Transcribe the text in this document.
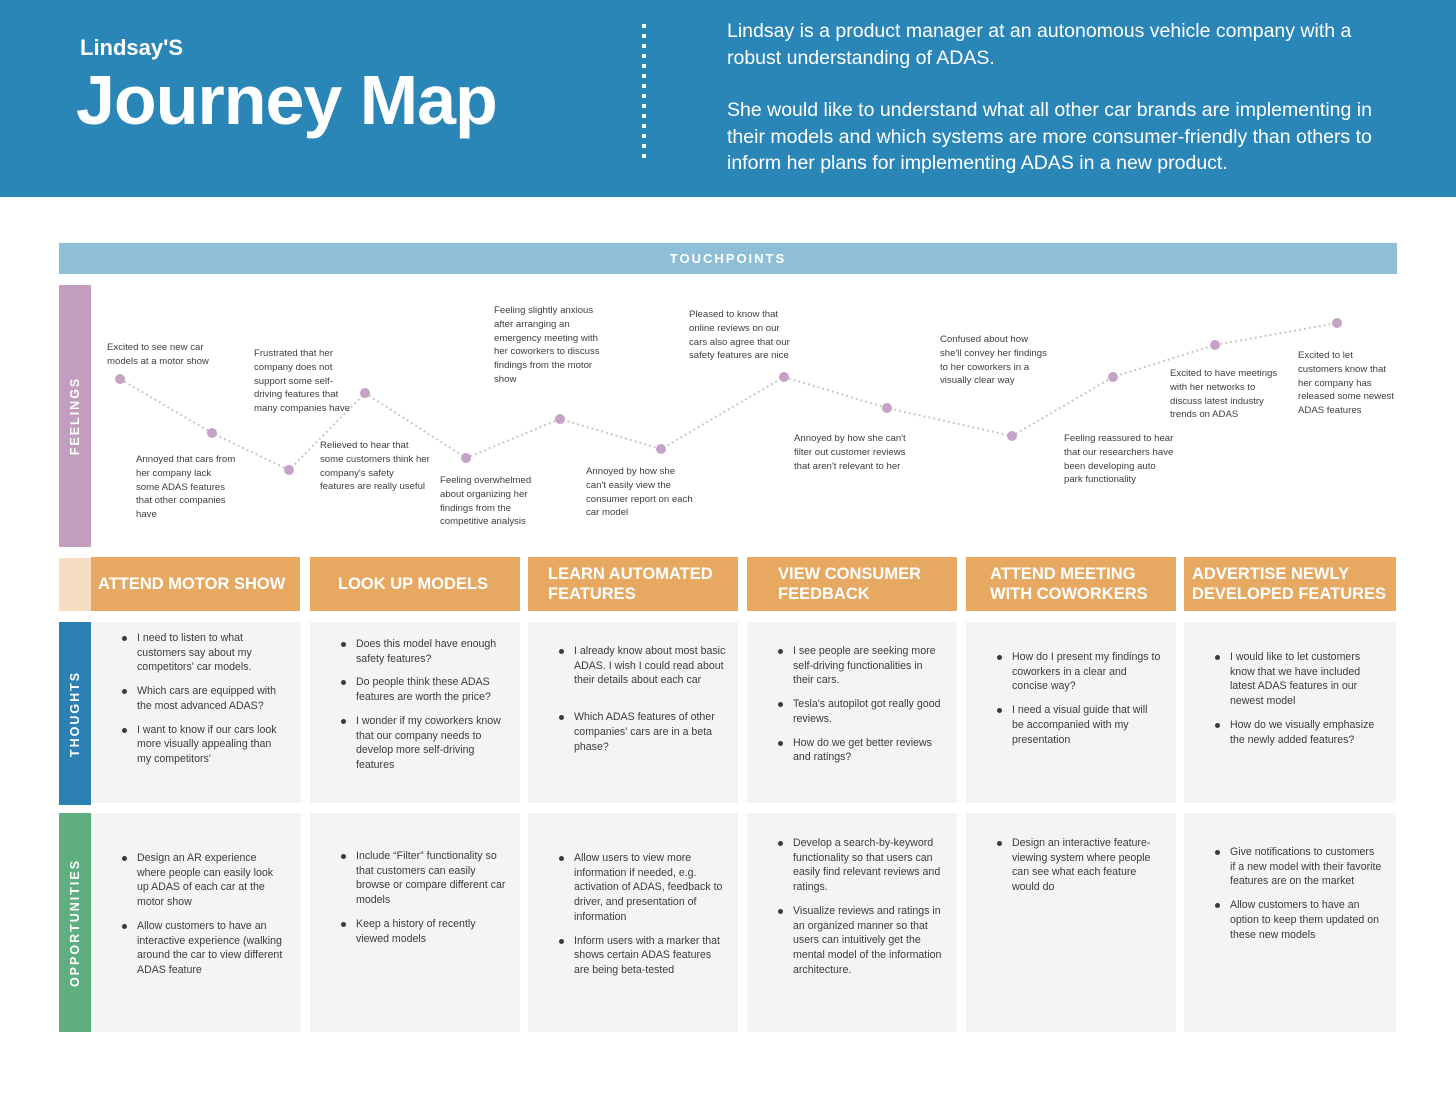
Lindsay'S
Journey Map

Lindsay is a product manager at an autonomous vehicle company with a robust understanding of ADAS.

She would like to understand what all other car brands are implementing in their models and which systems are more consumer-friendly than others to inform her plans for implementing ADAS in a new product.

TOUCHPOINTS
FEELINGS
THOUGHTS
OPPORTUNITIES
Excited to see new car models at a motor show
Annoyed that cars from her company lack some ADAS features that other companies have
Frustrated that her company does not support some self-driving features that many companies have
Relieved to hear that some customers think her company's safety features are really useful
Feeling overwhelmed about organizing her findings from the competitive analysis
Feeling slightly anxious after arranging an emergency meeting with her coworkers to discuss findings from the motor show
Annoyed by how she can't easily view the consumer report on each car model
Pleased to know that online reviews on our cars also agree that our safety features are nice
Annoyed by how she can't filter out customer reviews that aren't relevant to her
Confused about how she'll convey her findings to her coworkers in a visually clear way
Feeling reassured to hear that our researchers have been developing auto park functionality
Excited to have meetings with her networks to discuss latest industry trends on ADAS
Excited to let customers know that her company has released some newest ADAS features
ATTEND MOTOR SHOW	LOOK UP MODELS
LEARN AUTOMATED FEATURES
VIEW CONSUMER FEEDBACK
ATTEND MEETING WITH COWORKERS
ADVERTISE NEWLY DEVELOPED FEATURES
I need to listen to what customers say about my competitors' car models.
Which cars are equipped with the most advanced ADAS?
I want to know if our cars look more visually appealing than my competitors'
Does this model have enough safety features?
Do people think these ADAS features are worth the price?
I wonder if my coworkers know that our company needs to develop more self-driving features
I already know about most basic ADAS. I wish I could read about their details about each car
Which ADAS features of other companies' cars are in a beta phase?
I see people are seeking more self-driving functionalities in their cars.
Tesla's autopilot got really good reviews.
How do we get better reviews and ratings?
How do I present my findings to coworkers in a clear and concise way?
I need a visual guide that will be accompanied with my presentation
I would like to let customers know that we have included latest ADAS features in our newest model
How do we visually emphasize the newly added features?
Design an AR experience where people can easily look up ADAS of each car at the motor show
Allow customers to have an interactive experience (walking around the car to view different ADAS feature
Include “Filter” functionality so that customers can easily browse or compare different car models
Keep a history of recently viewed models
Allow users to view more information if needed, e.g. activation of ADAS, feedback to driver, and presentation of information
Inform users with a marker that shows certain ADAS features are being beta-tested
Develop a search-by-keyword functionality so that users can easily find relevant reviews and ratings.
Visualize reviews and ratings in an organized manner so that users can intuitively get the mental model of the information architecture.
Design an interactive feature-viewing system where people can see what each feature would do
Give notifications to customers if a new model with their favorite features are on the market
Allow customers to have an option to keep them updated on these new models
